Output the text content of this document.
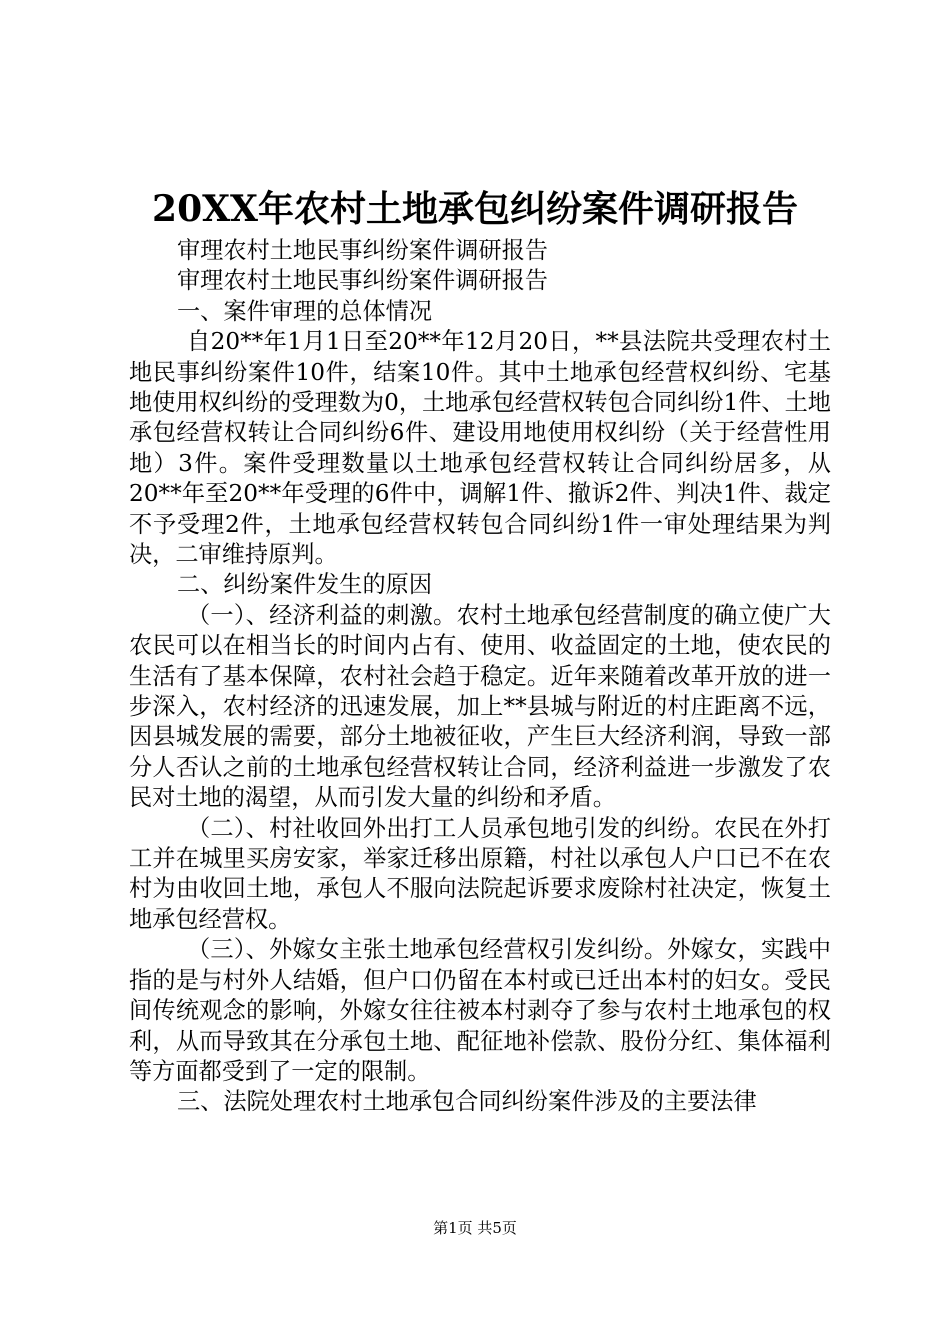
20XX年农村土地承包纠纷案件调研报告
审理农村土地民事纠纷案件调研报告
审理农村土地民事纠纷案件调研报告
一、案件审理的总体情况

自20**年1月1日至20**年12月20日，**县法院共受理农村土地民事纠纷案件10件，结案10件。其中土地承包经营权纠纷、宅基地使用权纠纷的受理数为0，土地承包经营权转包合同纠纷1件、土地承包经营权转让合同纠纷6件、建设用地使用权纠纷（关于经营性用地）3件。案件受理数量以土地承包经营权转让合同纠纷居多，从20**年至20**年受理的6件中，调解1件、撤诉2件、判决1件、裁定不予受理2件，土地承包经营权转包合同纠纷1件一审处理结果为判决，二审维持原判。

二、纠纷案件发生的原因

（一）、经济利益的刺激。农村土地承包经营制度的确立使广大农民可以在相当长的时间内占有、使用、收益固定的土地，使农民的生活有了基本保障，农村社会趋于稳定。近年来随着改革开放的进一步深入，农村经济的迅速发展，加上**县城与附近的村庄距离不远，因县城发展的需要，部分土地被征收，产生巨大经济利润，导致一部分人否认之前的土地承包经营权转让合同，经济利益进一步激发了农民对土地的渴望，从而引发大量的纠纷和矛盾。

（二）、村社收回外出打工人员承包地引发的纠纷。农民在外打工并在城里买房安家，举家迁移出原籍，村社以承包人户口已不在农村为由收回土地，承包人不服向法院起诉要求废除村社决定，恢复土地承包经营权。

（三）、外嫁女主张土地承包经营权引发纠纷。外嫁女，实践中指的是与村外人结婚，但户口仍留在本村或已迁出本村的妇女。受民间传统观念的影响，外嫁女往往被本村剥夺了参与农村土地承包的权利，从而导致其在分承包土地、配征地补偿款、股份分红、集体福利等方面都受到了一定的限制。

三、法院处理农村土地承包合同纠纷案件涉及的主要法律
第1页 共5页
